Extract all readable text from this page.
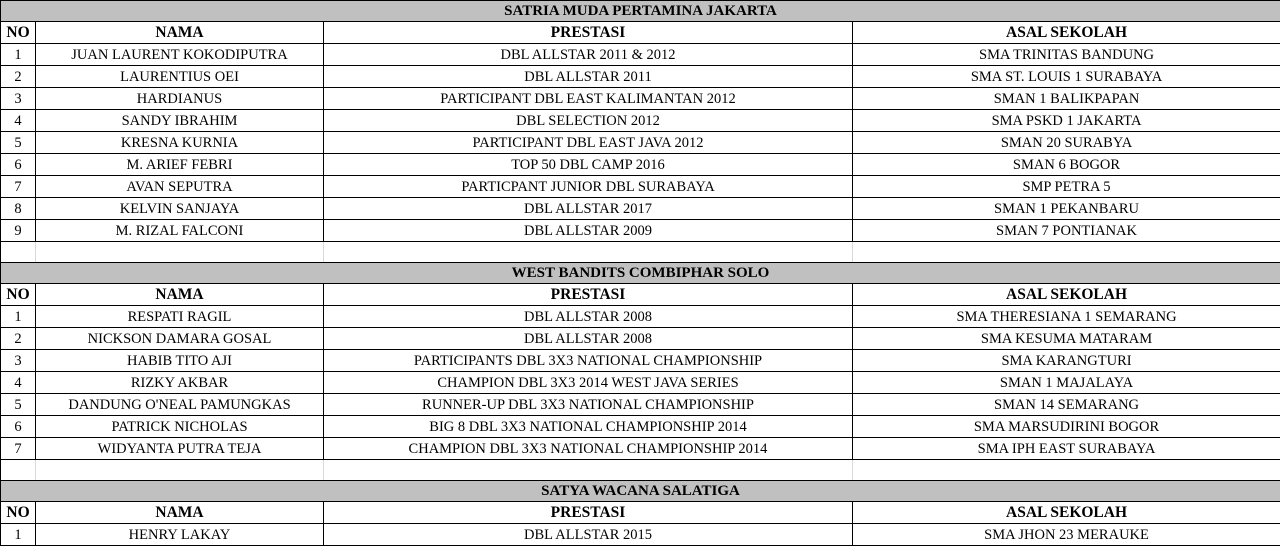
SATRIA MUDA PERTAMINA JAKARTA			
NO	NAMA	PRESTASI	ASAL SEKOLAH
1	JUAN LAURENT KOKODIPUTRA	DBL ALLSTAR 2011 & 2012	SMA TRINITAS BANDUNG
2	LAURENTIUS OEI	DBL ALLSTAR 2011	SMA ST. LOUIS 1 SURABAYA
3	HARDIANUS	PARTICIPANT DBL EAST KALIMANTAN 2012	SMAN 1 BALIKPAPAN
4	SANDY IBRAHIM	DBL SELECTION 2012	SMA PSKD 1 JAKARTA
5	KRESNA KURNIA	PARTICIPANT DBL EAST JAVA 2012	SMAN 20 SURABYA
6	M. ARIEF FEBRI	TOP 50 DBL CAMP 2016	SMAN 6 BOGOR
7	AVAN SEPUTRA	PARTICPANT JUNIOR DBL SURABAYA	SMP PETRA 5
8	KELVIN SANJAYA	DBL ALLSTAR 2017	SMAN 1 PEKANBARU
9	M. RIZAL FALCONI	DBL ALLSTAR 2009	SMAN 7 PONTIANAK

WEST BANDITS COMBIPHAR SOLO			
NO	NAMA	PRESTASI	ASAL SEKOLAH
1	RESPATI RAGIL	DBL ALLSTAR 2008	SMA THERESIANA 1 SEMARANG
2	NICKSON DAMARA GOSAL	DBL ALLSTAR 2008	SMA KESUMA MATARAM
3	HABIB TITO AJI	PARTICIPANTS DBL 3X3 NATIONAL CHAMPIONSHIP	SMA KARANGTURI
4	RIZKY AKBAR	CHAMPION DBL 3X3 2014 WEST JAVA SERIES	SMAN 1 MAJALAYA
5	DANDUNG O'NEAL PAMUNGKAS	RUNNER-UP DBL 3X3 NATIONAL CHAMPIONSHIP	SMAN 14 SEMARANG
6	PATRICK NICHOLAS	BIG 8 DBL 3X3 NATIONAL CHAMPIONSHIP 2014	SMA MARSUDIRINI BOGOR
7	WIDYANTA PUTRA TEJA	CHAMPION DBL 3X3 NATIONAL CHAMPIONSHIP 2014	SMA IPH EAST SURABAYA

SATYA WACANA SALATIGA			
NO	NAMA	PRESTASI	ASAL SEKOLAH
1	HENRY LAKAY	DBL ALLSTAR 2015	SMA JHON 23 MERAUKE
